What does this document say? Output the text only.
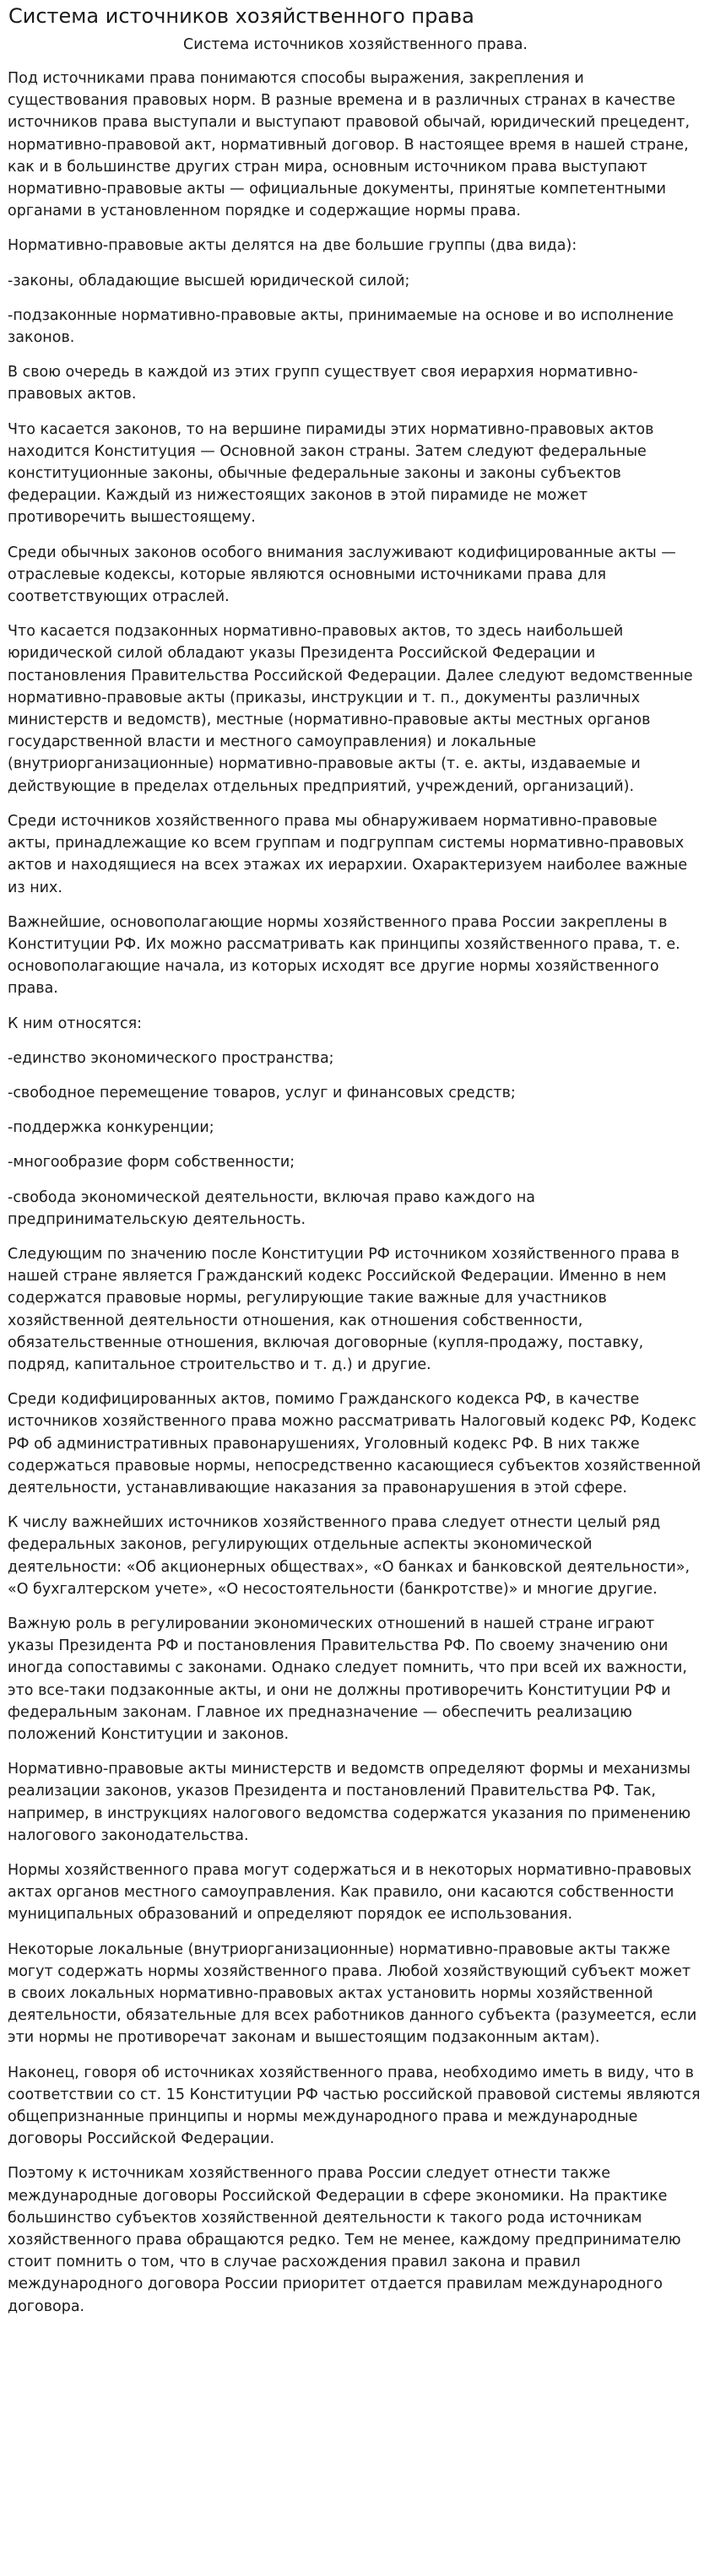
Система источников хозяйственного права
Система источников хозяйственного права.

Под источниками права понимаются способы выражения, закрепления и существования правовых норм. В разные времена и в различных странах в качестве источников права выступали и выступают правовой обычай, юридический прецедент, нормативно-правовой акт, нормативный договор. В настоящее время в нашей стране, как и в большинстве других стран мира, основным источником права выступают нормативно-правовые акты — официальные документы, принятые компетентными органами в установленном порядке и содержащие нормы права.

Нормативно-правовые акты делятся на две большие группы (два вида):

-законы, обладающие высшей юридической силой;

-подзаконные нормативно-правовые акты, принимаемые на основе и во исполнение законов.

В свою очередь в каждой из этих групп существует своя иерархия нормативно-правовых актов.

Что касается законов, то на вершине пирамиды этих нормативно-правовых актов находится Конституция — Основной закон страны. Затем следуют федеральные конституционные законы, обычные федеральные законы и законы субъектов федерации. Каждый из нижестоящих законов в этой пирамиде не может противоречить вышестоящему.

Среди обычных законов особого внимания заслуживают кодифицированные акты — отраслевые кодексы, которые являются основными источниками права для соответствующих отраслей.

Что касается подзаконных нормативно-правовых актов, то здесь наибольшей юридической силой обладают указы Президента Российской Федерации и постановления Правительства Российской Федерации. Далее следуют ведомственные нормативно-правовые акты (приказы, инструкции и т. п., документы различных министерств и ведомств), местные (нормативно-правовые акты местных органов государственной власти и местного самоуправления) и локальные (внутриорганизационные) нормативно-правовые акты (т. е. акты, издаваемые и действующие в пределах отдельных предприятий, учреждений, организаций).

Среди источников хозяйственного права мы обнаруживаем нормативно-правовые акты, принадлежащие ко всем группам и подгруппам системы нормативно-правовых актов и находящиеся на всех этажах их иерархии. Охарактеризуем наиболее важные из них.

Важнейшие, основополагающие нормы хозяйственного права России закреплены в Конституции РФ. Их можно рассматривать как принципы хозяйственного права, т. е. основополагающие начала, из которых исходят все другие нормы хозяйственного права.

К ним относятся:

-единство экономического пространства;

-свободное перемещение товаров, услуг и финансовых средств;

-поддержка конкуренции;

-многообразие форм собственности;

-свобода экономической деятельности, включая право каждого на предпринимательскую деятельность.

Следующим по значению после Конституции РФ источником хозяйственного права в нашей стране является Гражданский кодекс Российской Федерации. Именно в нем содержатся правовые нормы, регулирующие такие важные для участников хозяйственной деятельности отношения, как отношения собственности, обязательственные отношения, включая договорные (купля-продажу, поставку, подряд, капитальное строительство и т. д.) и другие.

Среди кодифицированных актов, помимо Гражданского кодекса РФ, в качестве источников хозяйственного права можно рассматривать Налоговый кодекс РФ, Кодекс РФ об административных правонарушениях, Уголовный кодекс РФ. В них также содержаться правовые нормы, непосредственно касающиеся субъектов хозяйственной деятельности, устанавливающие наказания за правонарушения в этой сфере.

К числу важнейших источников хозяйственного права следует отнести целый ряд федеральных законов, регулирующих отдельные аспекты экономической деятельности: «Об акционерных обществах», «О банках и банковской деятельности», «О бухгалтерском учете», «О несостоятельности (банкротстве)» и многие другие.

Важную роль в регулировании экономических отношений в нашей стране играют указы Президента РФ и постановления Правительства РФ. По своему значению они иногда сопоставимы с законами. Однако следует помнить, что при всей их важности, это все-таки подзаконные акты, и они не должны противоречить Конституции РФ и федеральным законам. Главное их предназначение — обеспечить реализацию положений Конституции и законов.

Нормативно-правовые акты министерств и ведомств определяют формы и механизмы реализации законов, указов Президента и постановлений Правительства РФ. Так, например, в инструкциях налогового ведомства содержатся указания по применению налогового законодательства.

Нормы хозяйственного права могут содержаться и в некоторых нормативно-правовых актах органов местного самоуправления. Как правило, они касаются собственности муниципальных образований и определяют порядок ее использования.

Некоторые локальные (внутриорганизационные) нормативно-правовые акты также могут содержать нормы хозяйственного права. Любой хозяйствующий субъект может в своих локальных нормативно-правовых актах установить нормы хозяйственной деятельности, обязательные для всех работников данного субъекта (разумеется, если эти нормы не противоречат законам и вышестоящим подзаконным актам).

Наконец, говоря об источниках хозяйственного права, необходимо иметь в виду, что в соответствии со ст. 15 Конституции РФ частью российской правовой системы являются общепризнанные принципы и нормы международного права и международные договоры Российской Федерации.

Поэтому к источникам хозяйственного права России следует отнести также международные договоры Российской Федерации в сфере экономики. На практике большинство субъектов хозяйственной деятельности к такого рода источникам хозяйственного права обращаются редко. Тем не менее, каждому предпринимателю стоит помнить о том, что в случае расхождения правил закона и правил международного договора России приоритет отдается правилам международного договора.
